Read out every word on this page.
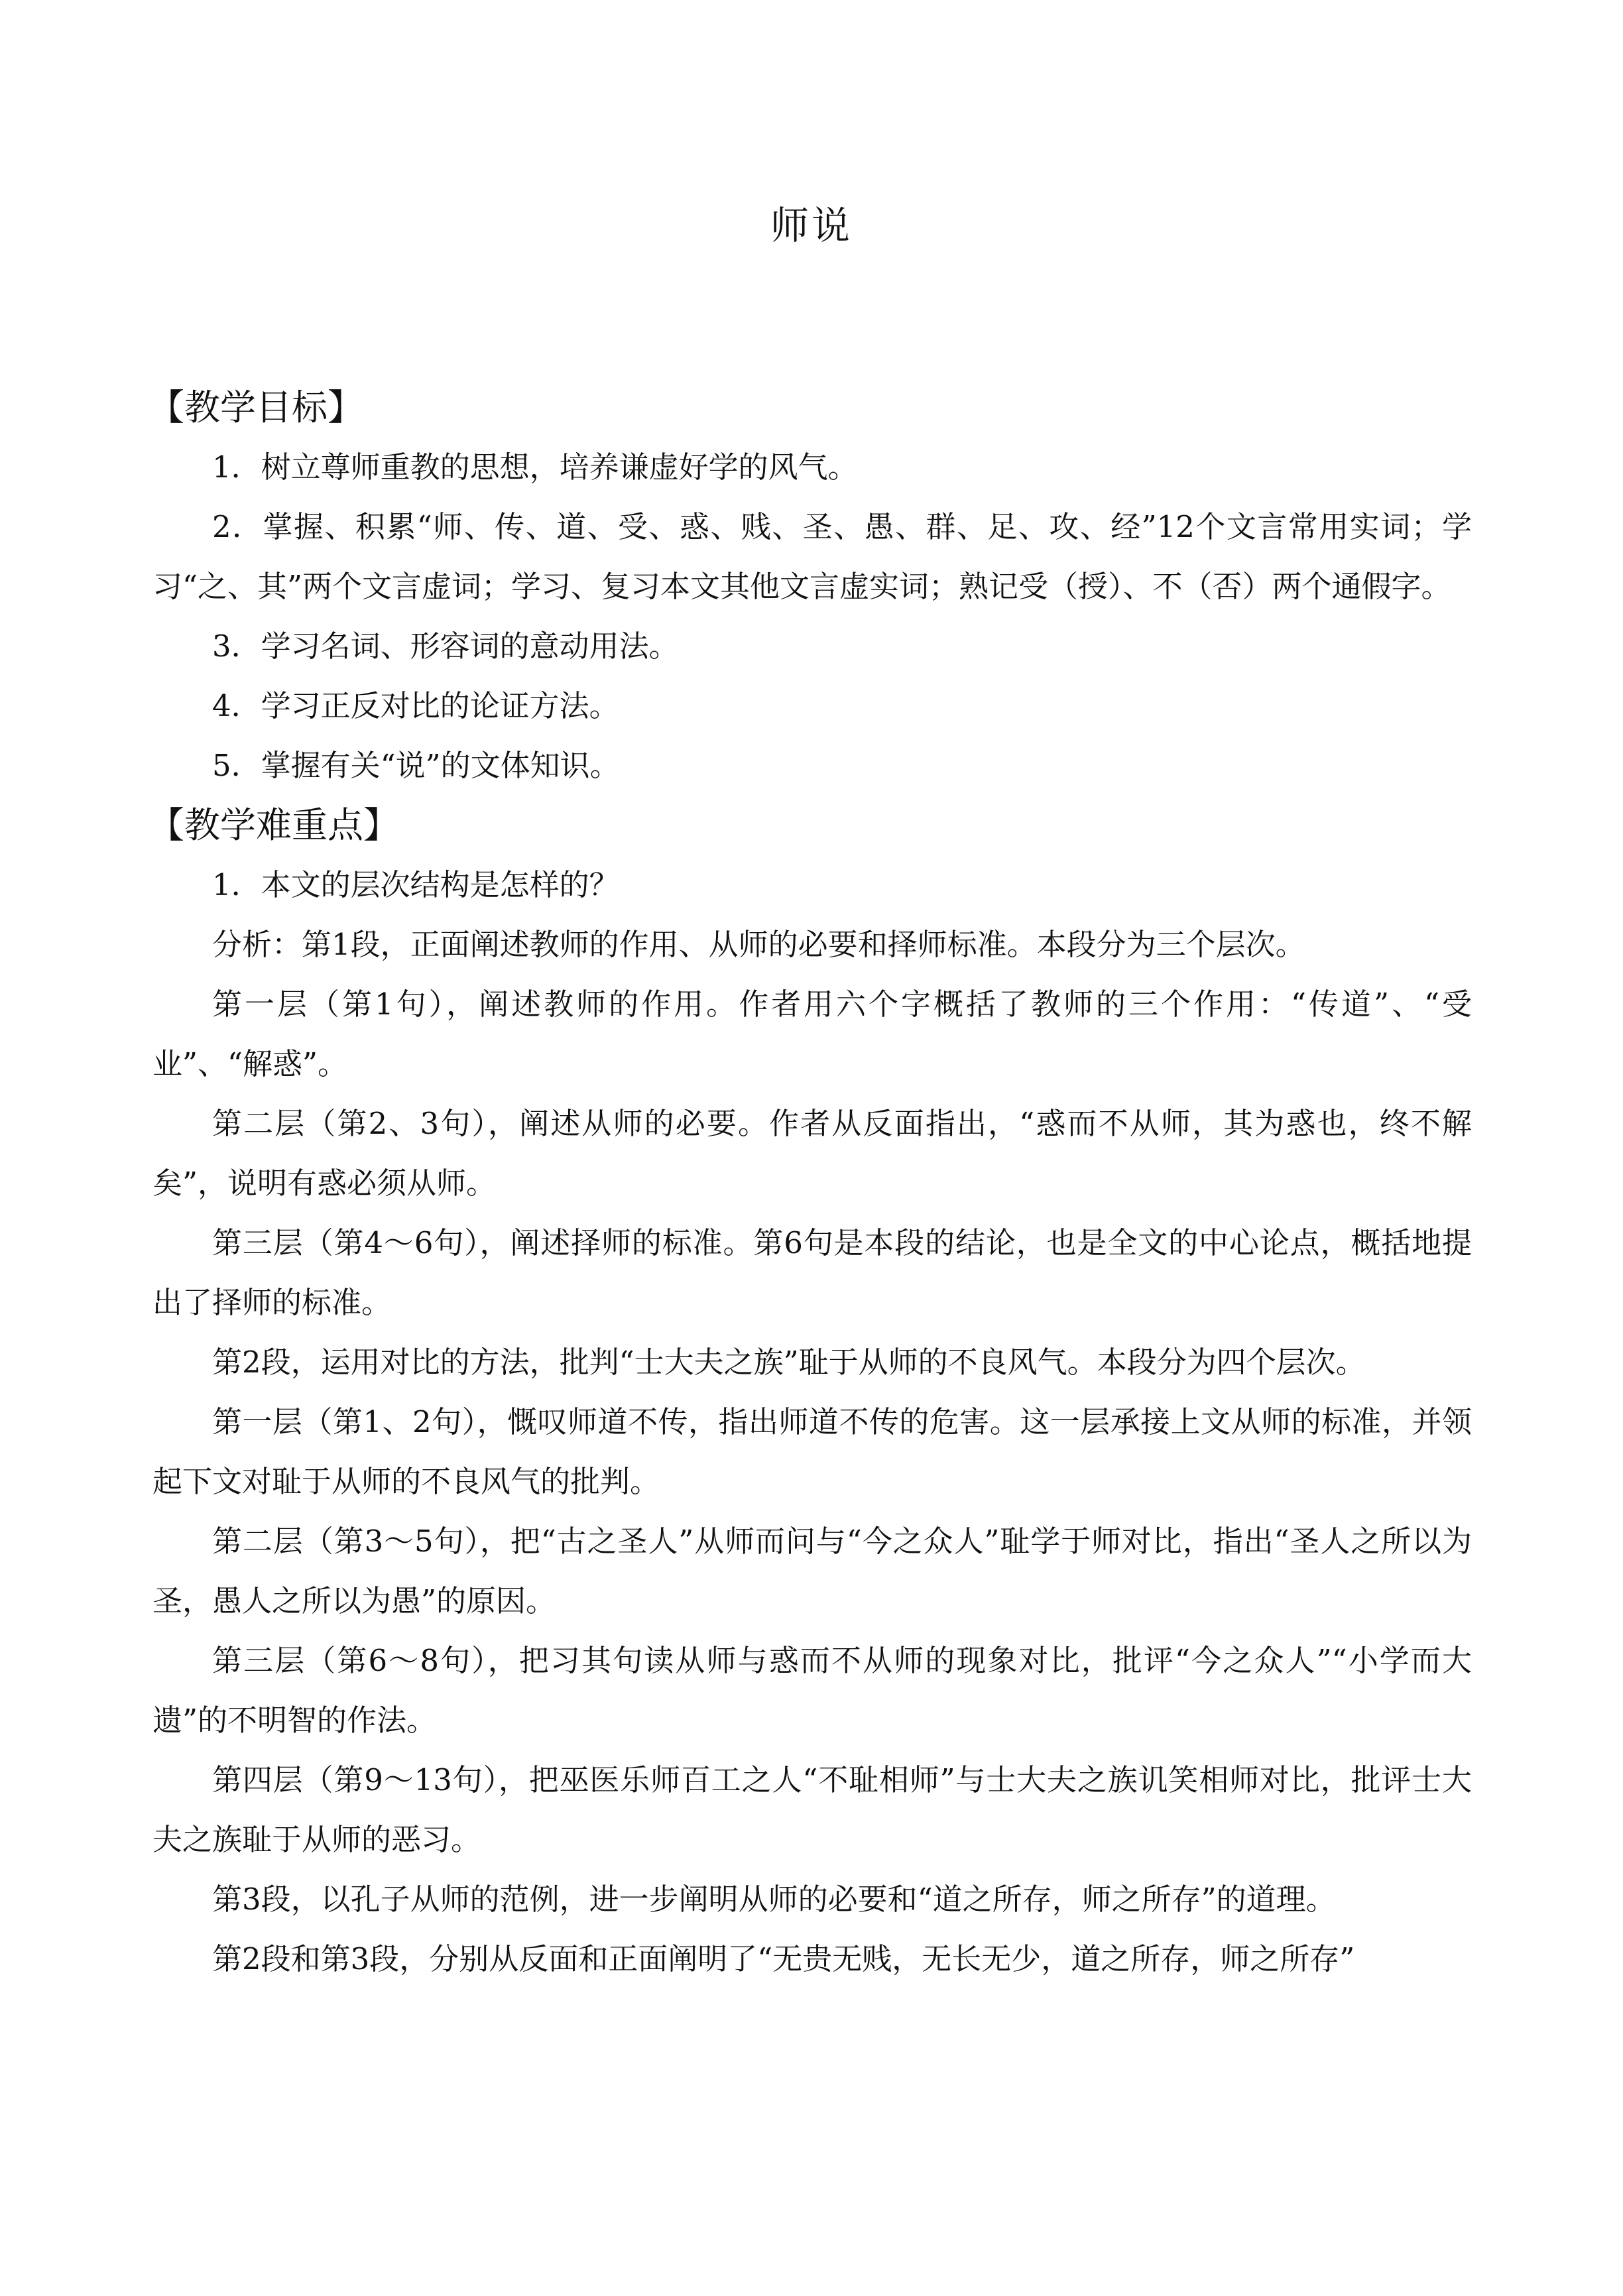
师说
【教学目标】

1．树立尊师重教的思想，培养谦虚好学的风气。

2．掌握、积累“师、传、道、受、惑、贱、圣、愚、群、足、攻、经”12个文言常用实词；学习“之、其”两个文言虚词；学习、复习本文其他文言虚实词；熟记受（授）、不（否）两个通假字。

3．学习名词、形容词的意动用法。

4．学习正反对比的论证方法。

5．掌握有关“说”的文体知识。

【教学难重点】

1．本文的层次结构是怎样的？

分析：第1段，正面阐述教师的作用、从师的必要和择师标准。本段分为三个层次。

第一层（第1句），阐述教师的作用。作者用六个字概括了教师的三个作用：“传道”、“受业”、“解惑”。

第二层（第2、3句），阐述从师的必要。作者从反面指出，“惑而不从师，其为惑也，终不解矣”，说明有惑必须从师。

第三层（第4～6句），阐述择师的标准。第6句是本段的结论，也是全文的中心论点，概括地提出了择师的标准。

第2段，运用对比的方法，批判“士大夫之族”耻于从师的不良风气。本段分为四个层次。

第一层（第1、2句），慨叹师道不传，指出师道不传的危害。这一层承接上文从师的标准，并领起下文对耻于从师的不良风气的批判。

第二层（第3～5句），把“古之圣人”从师而问与“今之众人”耻学于师对比，指出“圣人之所以为圣，愚人之所以为愚”的原因。

第三层（第6～8句），把习其句读从师与惑而不从师的现象对比，批评“今之众人”“小学而大遗”的不明智的作法。

第四层（第9～13句），把巫医乐师百工之人“不耻相师”与士大夫之族讥笑相师对比，批评士大夫之族耻于从师的恶习。

第3段，以孔子从师的范例，进一步阐明从师的必要和“道之所存，师之所存”的道理。

第2段和第3段，分别从反面和正面阐明了“无贵无贱，无长无少，道之所存，师之所存”
